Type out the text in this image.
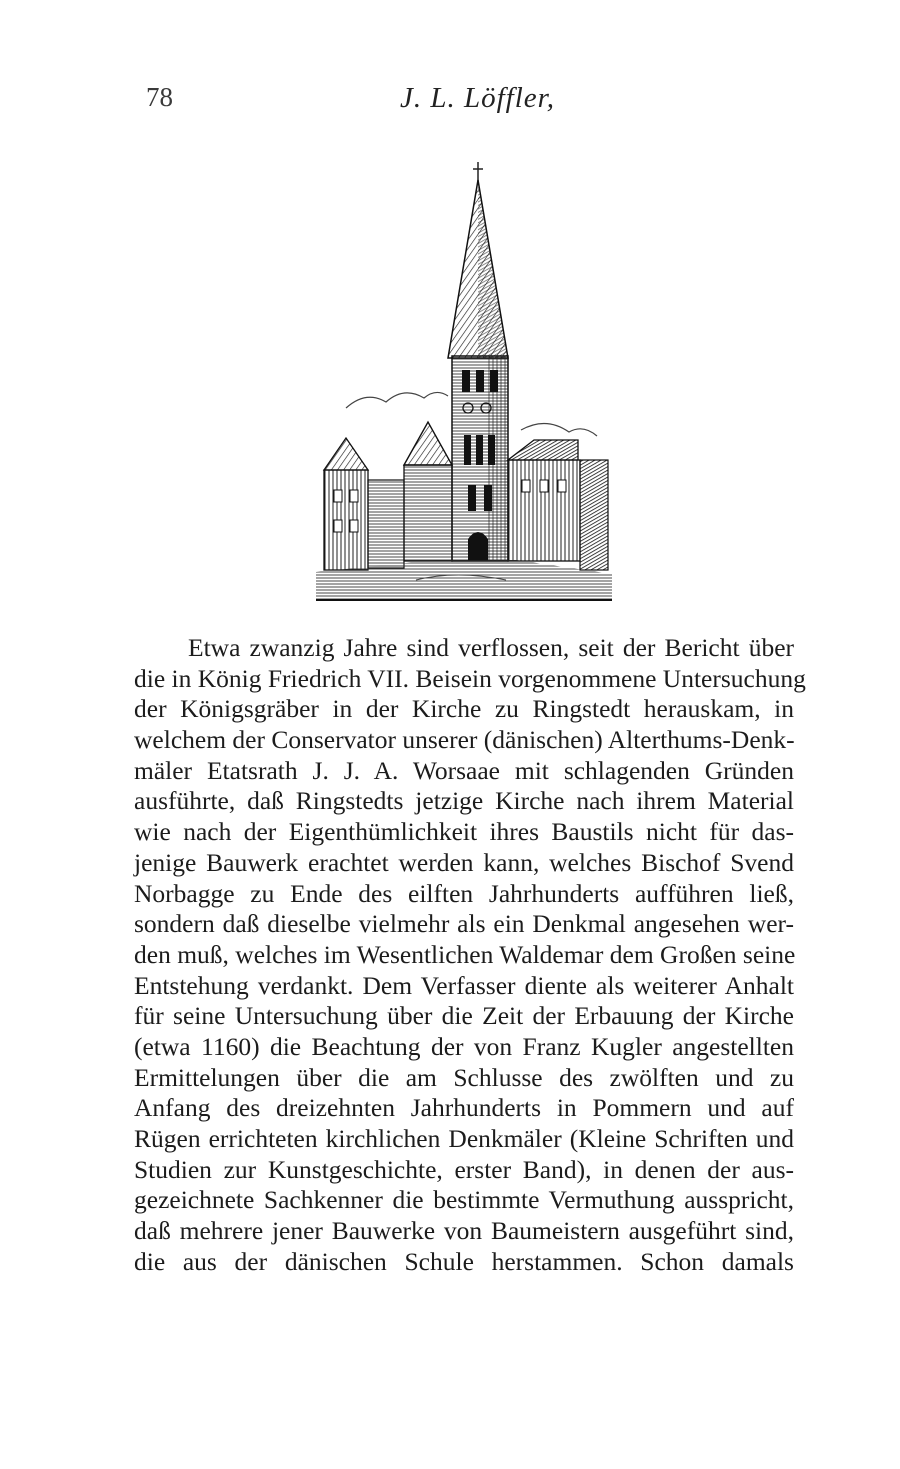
78	J. L. Löffler,
Etwa zwanzig Jahre sind verflossen, seit der Bericht über
die in König Friedrich VII. Beisein vorgenommene Untersuchung
der Königsgräber in der Kirche zu Ringstedt herauskam, in
welchem der Conservator unserer (dänischen) Alterthums-Denk-
mäler Etatsrath J. J. A. Worsaae mit schlagenden Gründen
ausführte, daß Ringstedts jetzige Kirche nach ihrem Material
wie nach der Eigenthümlichkeit ihres Baustils nicht für das-
jenige Bauwerk erachtet werden kann, welches Bischof Svend
Norbagge zu Ende des eilften Jahrhunderts aufführen ließ,
sondern daß dieselbe vielmehr als ein Denkmal angesehen wer-
den muß, welches im Wesentlichen Waldemar dem Großen seine
Entstehung verdankt. Dem Verfasser diente als weiterer Anhalt
für seine Untersuchung über die Zeit der Erbauung der Kirche
(etwa 1160) die Beachtung der von Franz Kugler angestellten
Ermittelungen über die am Schlusse des zwölften und zu
Anfang des dreizehnten Jahrhunderts in Pommern und auf
Rügen errichteten kirchlichen Denkmäler (Kleine Schriften und
Studien zur Kunstgeschichte, erster Band), in denen der aus-
gezeichnete Sachkenner die bestimmte Vermuthung ausspricht,
daß mehrere jener Bauwerke von Baumeistern ausgeführt sind,
die aus der dänischen Schule herstammen. Schon damals
